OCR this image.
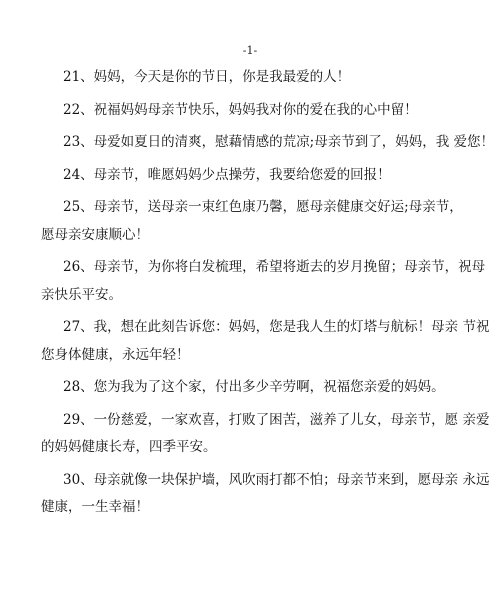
-1-

21、妈妈，今天是你的节日，你是我最爱的人！

22、祝福妈妈母亲节快乐，妈妈我对你的爱在我的心中留！

23、母爱如夏日的清爽，慰藉情感的荒凉;母亲节到了，妈妈，我 爱您！

24、母亲节，唯愿妈妈少点操劳，我要给您爱的回报！

25、母亲节，送母亲一束红色康乃馨，愿母亲健康交好运;母亲节，
愿母亲安康顺心！

26、母亲节，为你将白发梳理，希望将逝去的岁月挽留；母亲节，祝母
亲快乐平安。

27、我，想在此刻告诉您：妈妈，您是我人生的灯塔与航标！母亲 节祝
您身体健康，永远年轻！

28、您为我为了这个家，付出多少辛劳啊，祝福您亲爱的妈妈。

29、一份慈爱，一家欢喜，打败了困苦，滋养了儿女，母亲节，愿 亲爱
的妈妈健康长寿，四季平安。

30、母亲就像一块保护墙，风吹雨打都不怕；母亲节来到，愿母亲 永远
健康，一生幸福！
